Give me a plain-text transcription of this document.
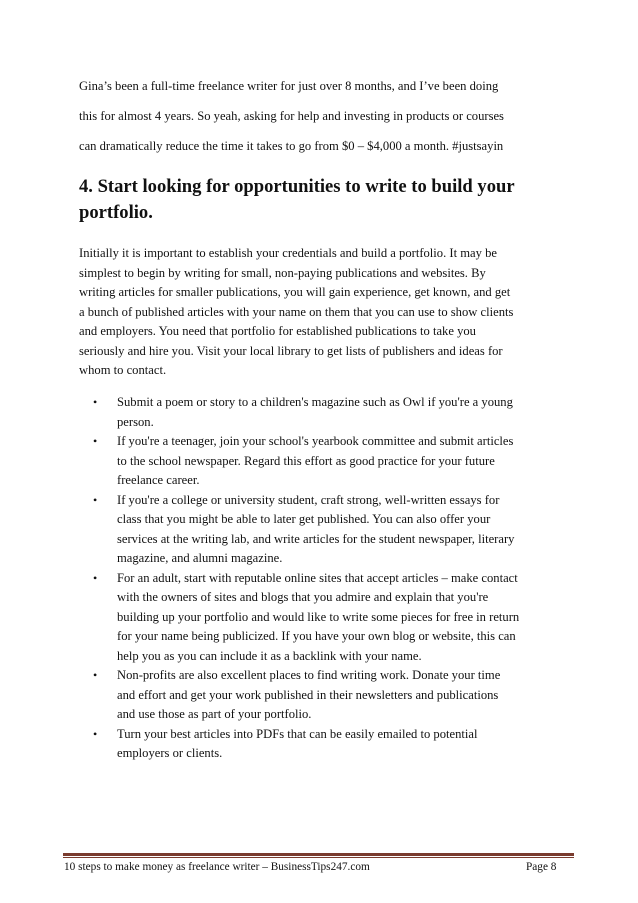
Gina’s been a full-time freelance writer for just over 8 months, and I’ve been doing
this for almost 4 years. So yeah, asking for help and investing in products or courses
can dramatically reduce the time it takes to go from $0 – $4,000 a month. #justsayin
4. Start looking for opportunities to write to build your
portfolio.
Initially it is important to establish your credentials and build a portfolio. It may be
simplest to begin by writing for small, non-paying publications and websites. By
writing articles for smaller publications, you will gain experience, get known, and get
a bunch of published articles with your name on them that you can use to show clients
and employers. You need that portfolio for established publications to take you
seriously and hire you. Visit your local library to get lists of publishers and ideas for
whom to contact.
• Submit a poem or story to a children's magazine such as Owl if you're a young
person.
• If you're a teenager, join your school's yearbook committee and submit articles
to the school newspaper. Regard this effort as good practice for your future
freelance career.
• If you're a college or university student, craft strong, well-written essays for
class that you might be able to later get published. You can also offer your
services at the writing lab, and write articles for the student newspaper, literary
magazine, and alumni magazine.
• For an adult, start with reputable online sites that accept articles – make contact
with the owners of sites and blogs that you admire and explain that you're
building up your portfolio and would like to write some pieces for free in return
for your name being publicized. If you have your own blog or website, this can
help you as you can include it as a backlink with your name.
• Non-profits are also excellent places to find writing work. Donate your time
and effort and get your work published in their newsletters and publications
and use those as part of your portfolio.
• Turn your best articles into PDFs that can be easily emailed to potential
employers or clients.
10 steps to make money as freelance writer – BusinessTips247.com	Page 8
